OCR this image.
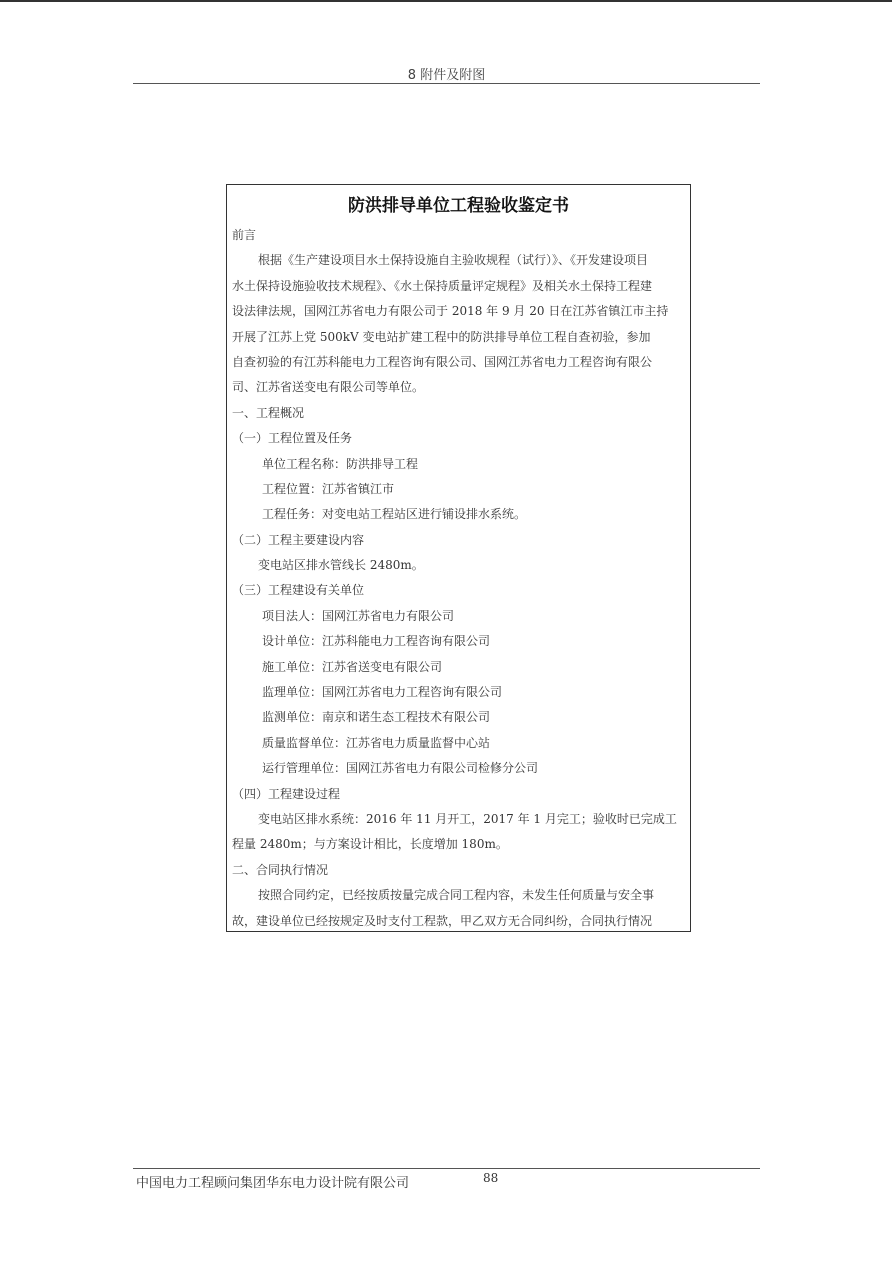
8 附件及附图
防洪排导单位工程验收鉴定书
前言
根据《生产建设项目水土保持设施自主验收规程（试行）》、《开发建设项目
水土保持设施验收技术规程》、《水土保持质量评定规程》及相关水土保持工程建
设法律法规，国网江苏省电力有限公司于 2018 年 9 月 20 日在江苏省镇江市主持
开展了江苏上党 500kV 变电站扩建工程中的防洪排导单位工程自查初验，参加
自查初验的有江苏科能电力工程咨询有限公司、国网江苏省电力工程咨询有限公
司、江苏省送变电有限公司等单位。
一、工程概况
（一）工程位置及任务
单位工程名称：防洪排导工程
工程位置：江苏省镇江市
工程任务：对变电站工程站区进行铺设排水系统。
（二）工程主要建设内容
变电站区排水管线长 2480m。
（三）工程建设有关单位
项目法人：国网江苏省电力有限公司
设计单位：江苏科能电力工程咨询有限公司
施工单位：江苏省送变电有限公司
监理单位：国网江苏省电力工程咨询有限公司
监测单位：南京和诺生态工程技术有限公司
质量监督单位：江苏省电力质量监督中心站
运行管理单位：国网江苏省电力有限公司检修分公司
（四）工程建设过程
变电站区排水系统：2016 年 11 月开工，2017 年 1 月完工；验收时已完成工
程量 2480m；与方案设计相比，长度增加 180m。
二、合同执行情况
按照合同约定，已经按质按量完成合同工程内容，未发生任何质量与安全事
故，建设单位已经按规定及时支付工程款，甲乙双方无合同纠纷，合同执行情况
中国电力工程顾问集团华东电力设计院有限公司	88
